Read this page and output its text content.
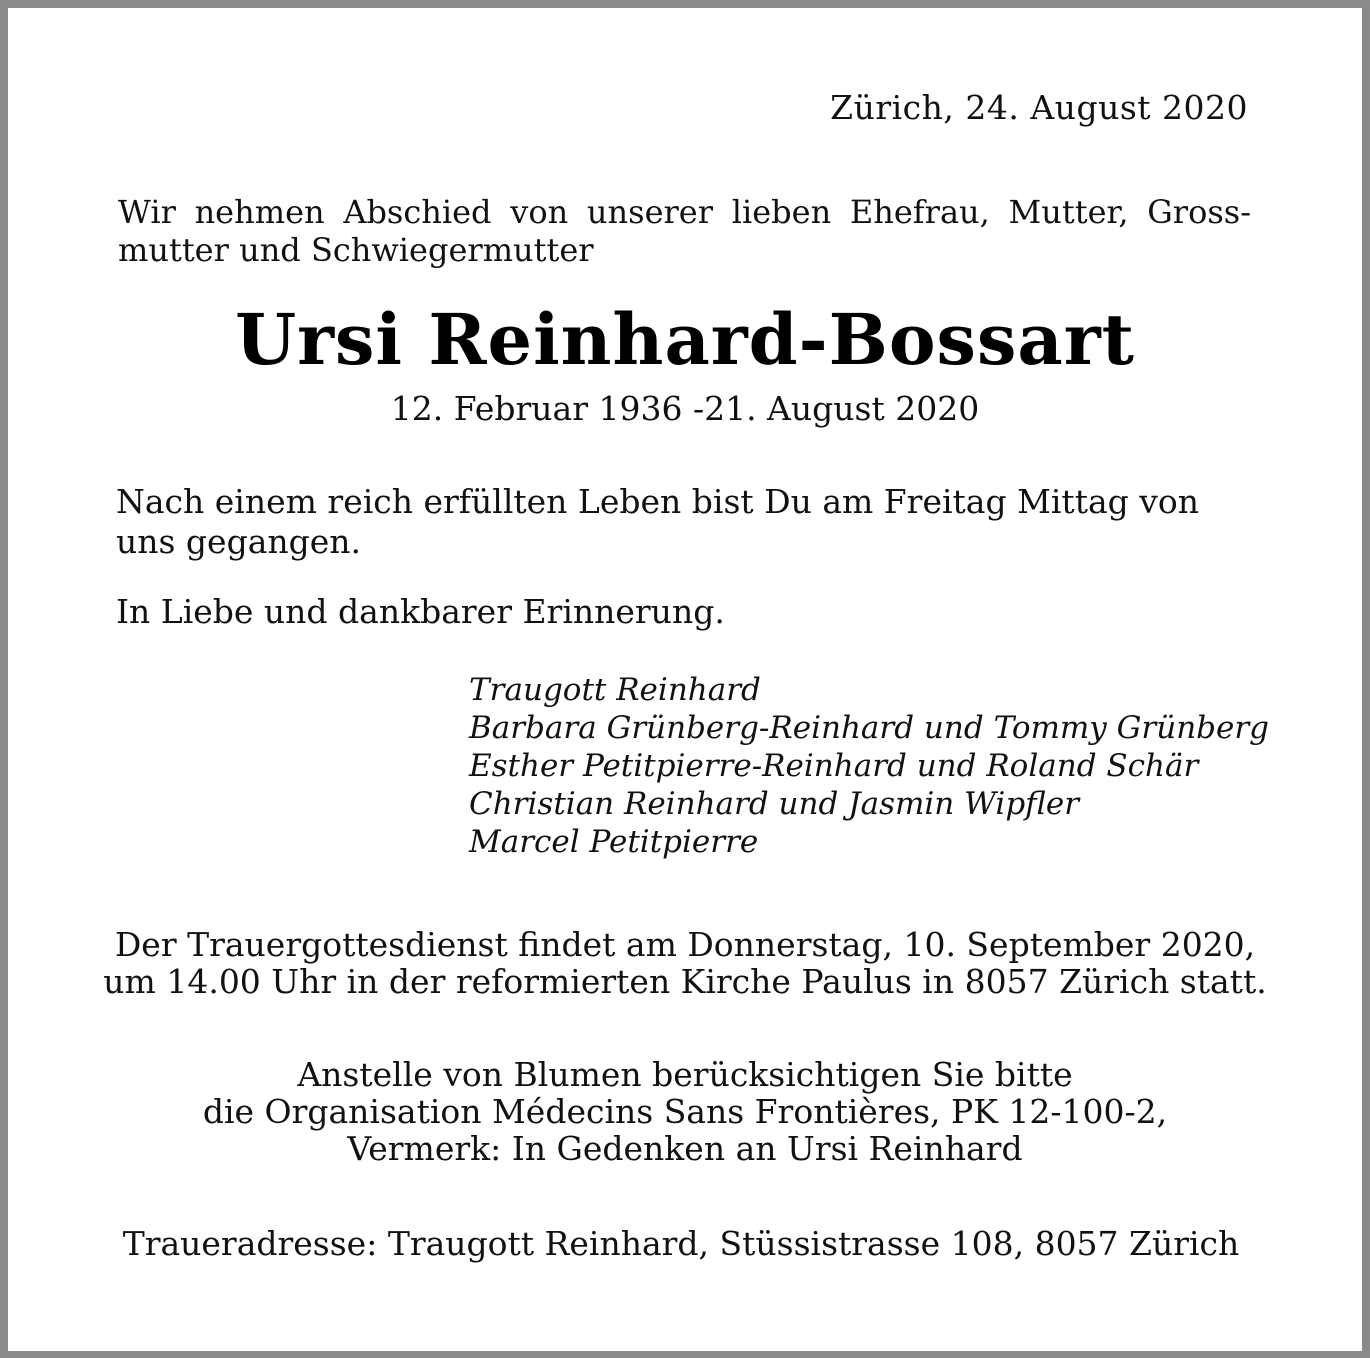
Zürich, 24. August 2020
Wir nehmen Abschied von unserer lieben Ehefrau, Mutter, Gross-
mutter und Schwiegermutter
Ursi Reinhard-Bossart
12. Februar 1936 -21. August 2020
Nach einem reich erfüllten Leben bist Du am Freitag Mittag von uns gegangen.
In Liebe und dankbarer Erinnerung.
Traugott Reinhard
Barbara Grünberg-Reinhard und Tommy Grünberg
Esther Petitpierre-Reinhard und Roland Schär
Christian Reinhard und Jasmin Wipfler
Marcel Petitpierre
Der Trauergottesdienst findet am Donnerstag, 10. September 2020,
um 14.00 Uhr in der reformierten Kirche Paulus in 8057 Zürich statt.
Anstelle von Blumen berücksichtigen Sie bitte
die Organisation Médecins Sans Frontières, PK 12-100-2,
Vermerk: In Gedenken an Ursi Reinhard
Traueradresse: Traugott Reinhard, Stüssistrasse 108, 8057 Zürich
